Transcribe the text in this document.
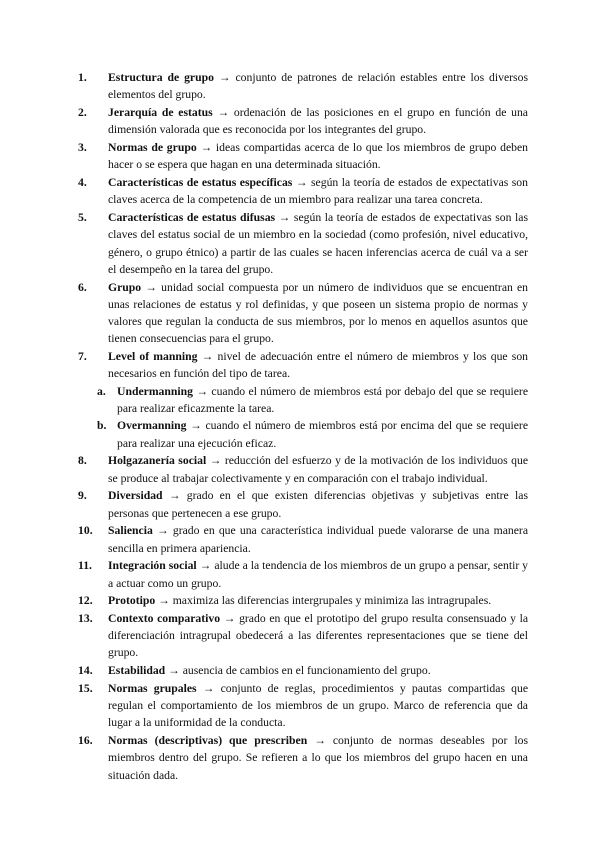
1.	Estructura de grupo → conjunto de patrones de relación estables entre los diversos elementos del grupo.
2.	Jerarquía de estatus → ordenación de las posiciones en el grupo en función de una dimensión valorada que es reconocida por los integrantes del grupo.
3.	Normas de grupo → ideas compartidas acerca de lo que los miembros de grupo deben hacer o se espera que hagan en una determinada situación.
4.	Características de estatus específicas → según la teoría de estados de expectativas son claves acerca de la competencia de un miembro para realizar una tarea concreta.
5.	Características de estatus difusas → según la teoría de estados de expectativas son las claves del estatus social de un miembro en la sociedad (como profesión, nivel educativo, género, o grupo étnico) a partir de las cuales se hacen inferencias acerca de cuál va a ser el desempeño en la tarea del grupo.
6.	Grupo → unidad social compuesta por un número de individuos que se encuentran en unas relaciones de estatus y rol definidas, y que poseen un sistema propio de normas y valores que regulan la conducta de sus miembros, por lo menos en aquellos asuntos que tienen consecuencias para el grupo.
7.	Level of manning → nivel de adecuación entre el número de miembros y los que son necesarios en función del tipo de tarea.
a. Undermanning → cuando el número de miembros está por debajo del que se requiere para realizar eficazmente la tarea.
b. Overmanning → cuando el número de miembros está por encima del que se requiere para realizar una ejecución eficaz.
8.	Holgazanería social → reducción del esfuerzo y de la motivación de los individuos que se produce al trabajar colectivamente y en comparación con el trabajo individual.
9.	Diversidad → grado en el que existen diferencias objetivas y subjetivas entre las personas que pertenecen a ese grupo.
10.	Saliencia → grado en que una característica individual puede valorarse de una manera sencilla en primera apariencia.
11.	Integración social → alude a la tendencia de los miembros de un grupo a pensar, sentir y a actuar como un grupo.
12.	Prototipo → maximiza las diferencias intergrupales y minimiza las intragrupales.
13.	Contexto comparativo → grado en que el prototipo del grupo resulta consensuado y la diferenciación intragrupal obedecerá a las diferentes representaciones que se tiene del grupo.
14.	Estabilidad → ausencia de cambios en el funcionamiento del grupo.
15.	Normas grupales → conjunto de reglas, procedimientos y pautas compartidas que regulan el comportamiento de los miembros de un grupo. Marco de referencia que da lugar a la uniformidad de la conducta.
16.	Normas (descriptivas) que prescriben → conjunto de normas deseables por los miembros dentro del grupo. Se refieren a lo que los miembros del grupo hacen en una situación dada.
